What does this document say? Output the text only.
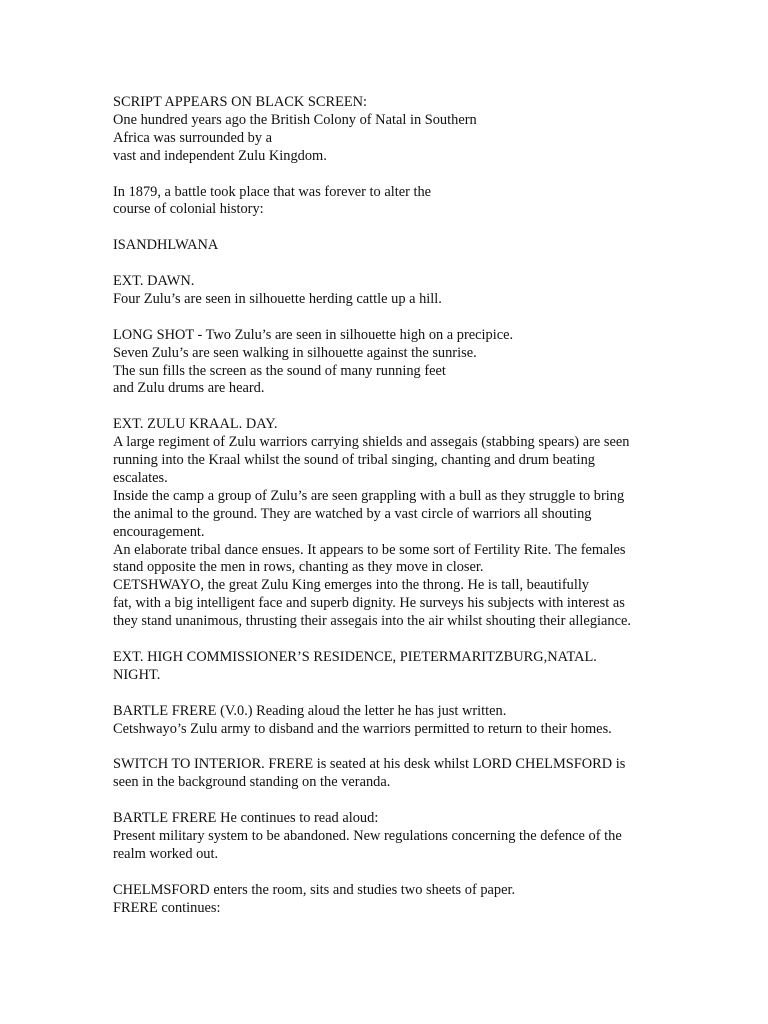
SCRIPT APPEARS ON BLACK SCREEN:
One hundred years ago the British Colony of Natal in Southern
Africa was surrounded by a
vast and independent Zulu Kingdom.
In 1879, a battle took place that was forever to alter the
course of colonial history:
ISANDHLWANA
EXT. DAWN.
Four Zulu’s are seen in silhouette herding cattle up a hill.
LONG SHOT - Two Zulu’s are seen in silhouette high on a precipice.
Seven Zulu’s are seen walking in silhouette against the sunrise.
The sun fills the screen as the sound of many running feet
and Zulu drums are heard.
EXT. ZULU KRAAL. DAY.
A large regiment of Zulu warriors carrying shields and assegais (stabbing spears) are seen
running into the Kraal whilst the sound of tribal singing, chanting and drum beating
escalates.
Inside the camp a group of Zulu’s are seen grappling with a bull as they struggle to bring
the animal to the ground. They are watched by a vast circle of warriors all shouting
encouragement.
An elaborate tribal dance ensues. It appears to be some sort of Fertility Rite. The females
stand opposite the men in rows, chanting as they move in closer.
CETSHWAYO, the great Zulu King emerges into the throng. He is tall, beautifully
fat, with a big intelligent face and superb dignity. He surveys his subjects with interest as
they stand unanimous, thrusting their assegais into the air whilst shouting their allegiance.
EXT. HIGH COMMISSIONER’S RESIDENCE, PIETERMARITZBURG,NATAL.
NIGHT.
BARTLE FRERE (V.0.) Reading aloud the letter he has just written.
Cetshwayo’s Zulu army to disband and the warriors permitted to return to their homes.
SWITCH TO INTERIOR. FRERE is seated at his desk whilst LORD CHELMSFORD is
seen in the background standing on the veranda.
BARTLE FRERE He continues to read aloud:
Present military system to be abandoned. New regulations concerning the defence of the
realm worked out.
CHELMSFORD enters the room, sits and studies two sheets of paper.
FRERE continues:
